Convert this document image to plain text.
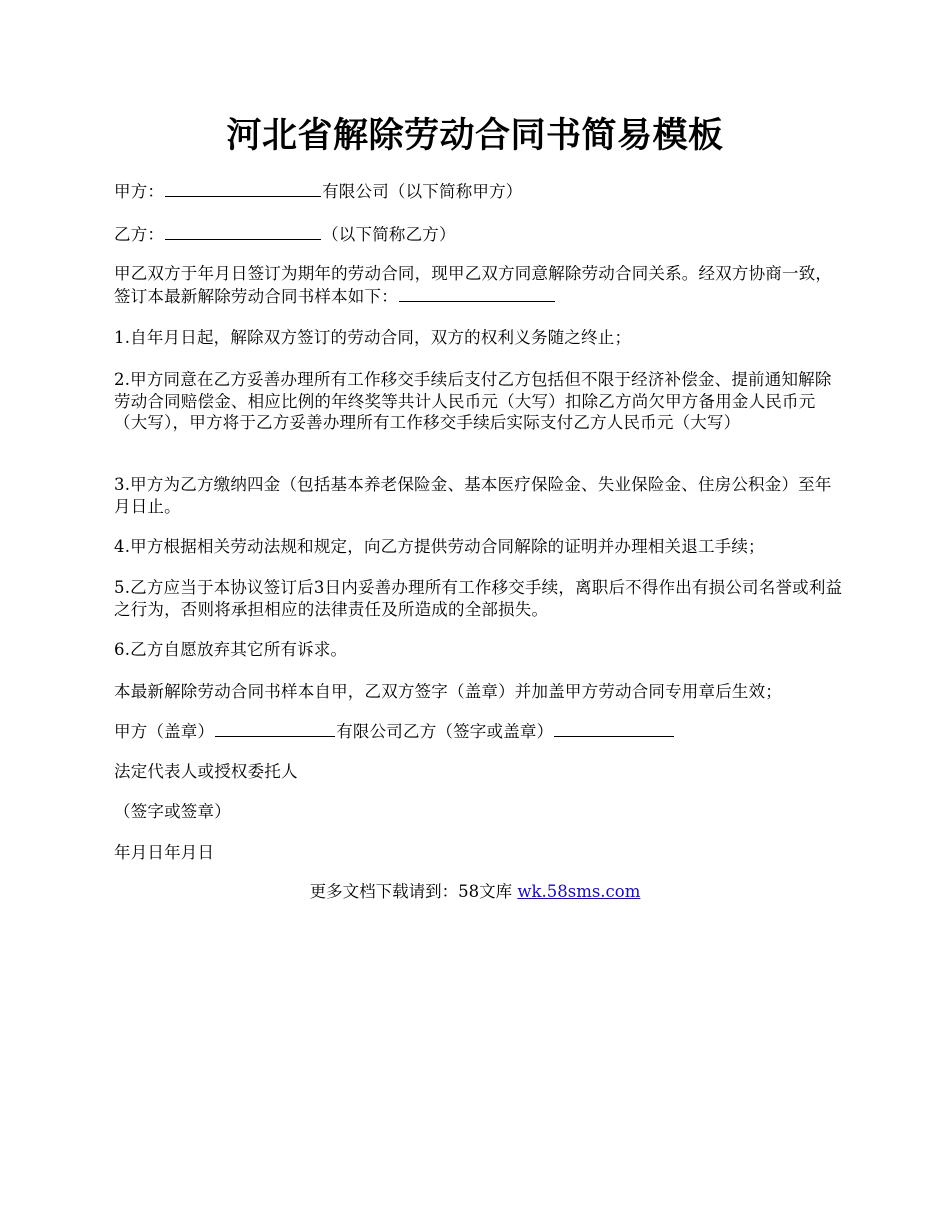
河北省解除劳动合同书简易模板
甲方：	有限公司（以下简称甲方）
乙方：	（以下简称乙方）
甲乙双方于年月日签订为期年的劳动合同，现甲乙双方同意解除劳动合同关系。经双方协商一致，签订本最新解除劳动合同书样本如下：
1.自年月日起，解除双方签订的劳动合同，双方的权利义务随之终止；
2.甲方同意在乙方妥善办理所有工作移交手续后支付乙方包括但不限于经济补偿金、提前通知解除劳动合同赔偿金、相应比例的年终奖等共计人民币元（大写）扣除乙方尚欠甲方备用金人民币元（大写），甲方将于乙方妥善办理所有工作移交手续后实际支付乙方人民币元（大写）
3.甲方为乙方缴纳四金（包括基本养老保险金、基本医疗保险金、失业保险金、住房公积金）至年月日止。
4.甲方根据相关劳动法规和规定，向乙方提供劳动合同解除的证明并办理相关退工手续；
5.乙方应当于本协议签订后3日内妥善办理所有工作移交手续，离职后不得作出有损公司名誉或利益之行为，否则将承担相应的法律责任及所造成的全部损失。
6.乙方自愿放弃其它所有诉求。
本最新解除劳动合同书样本自甲，乙双方签字（盖章）并加盖甲方劳动合同专用章后生效；
甲方（盖章）	有限公司乙方（签字或盖章）
法定代表人或授权委托人
（签字或签章）
年月日年月日
更多文档下载请到：58文库 wk.58sms.com
